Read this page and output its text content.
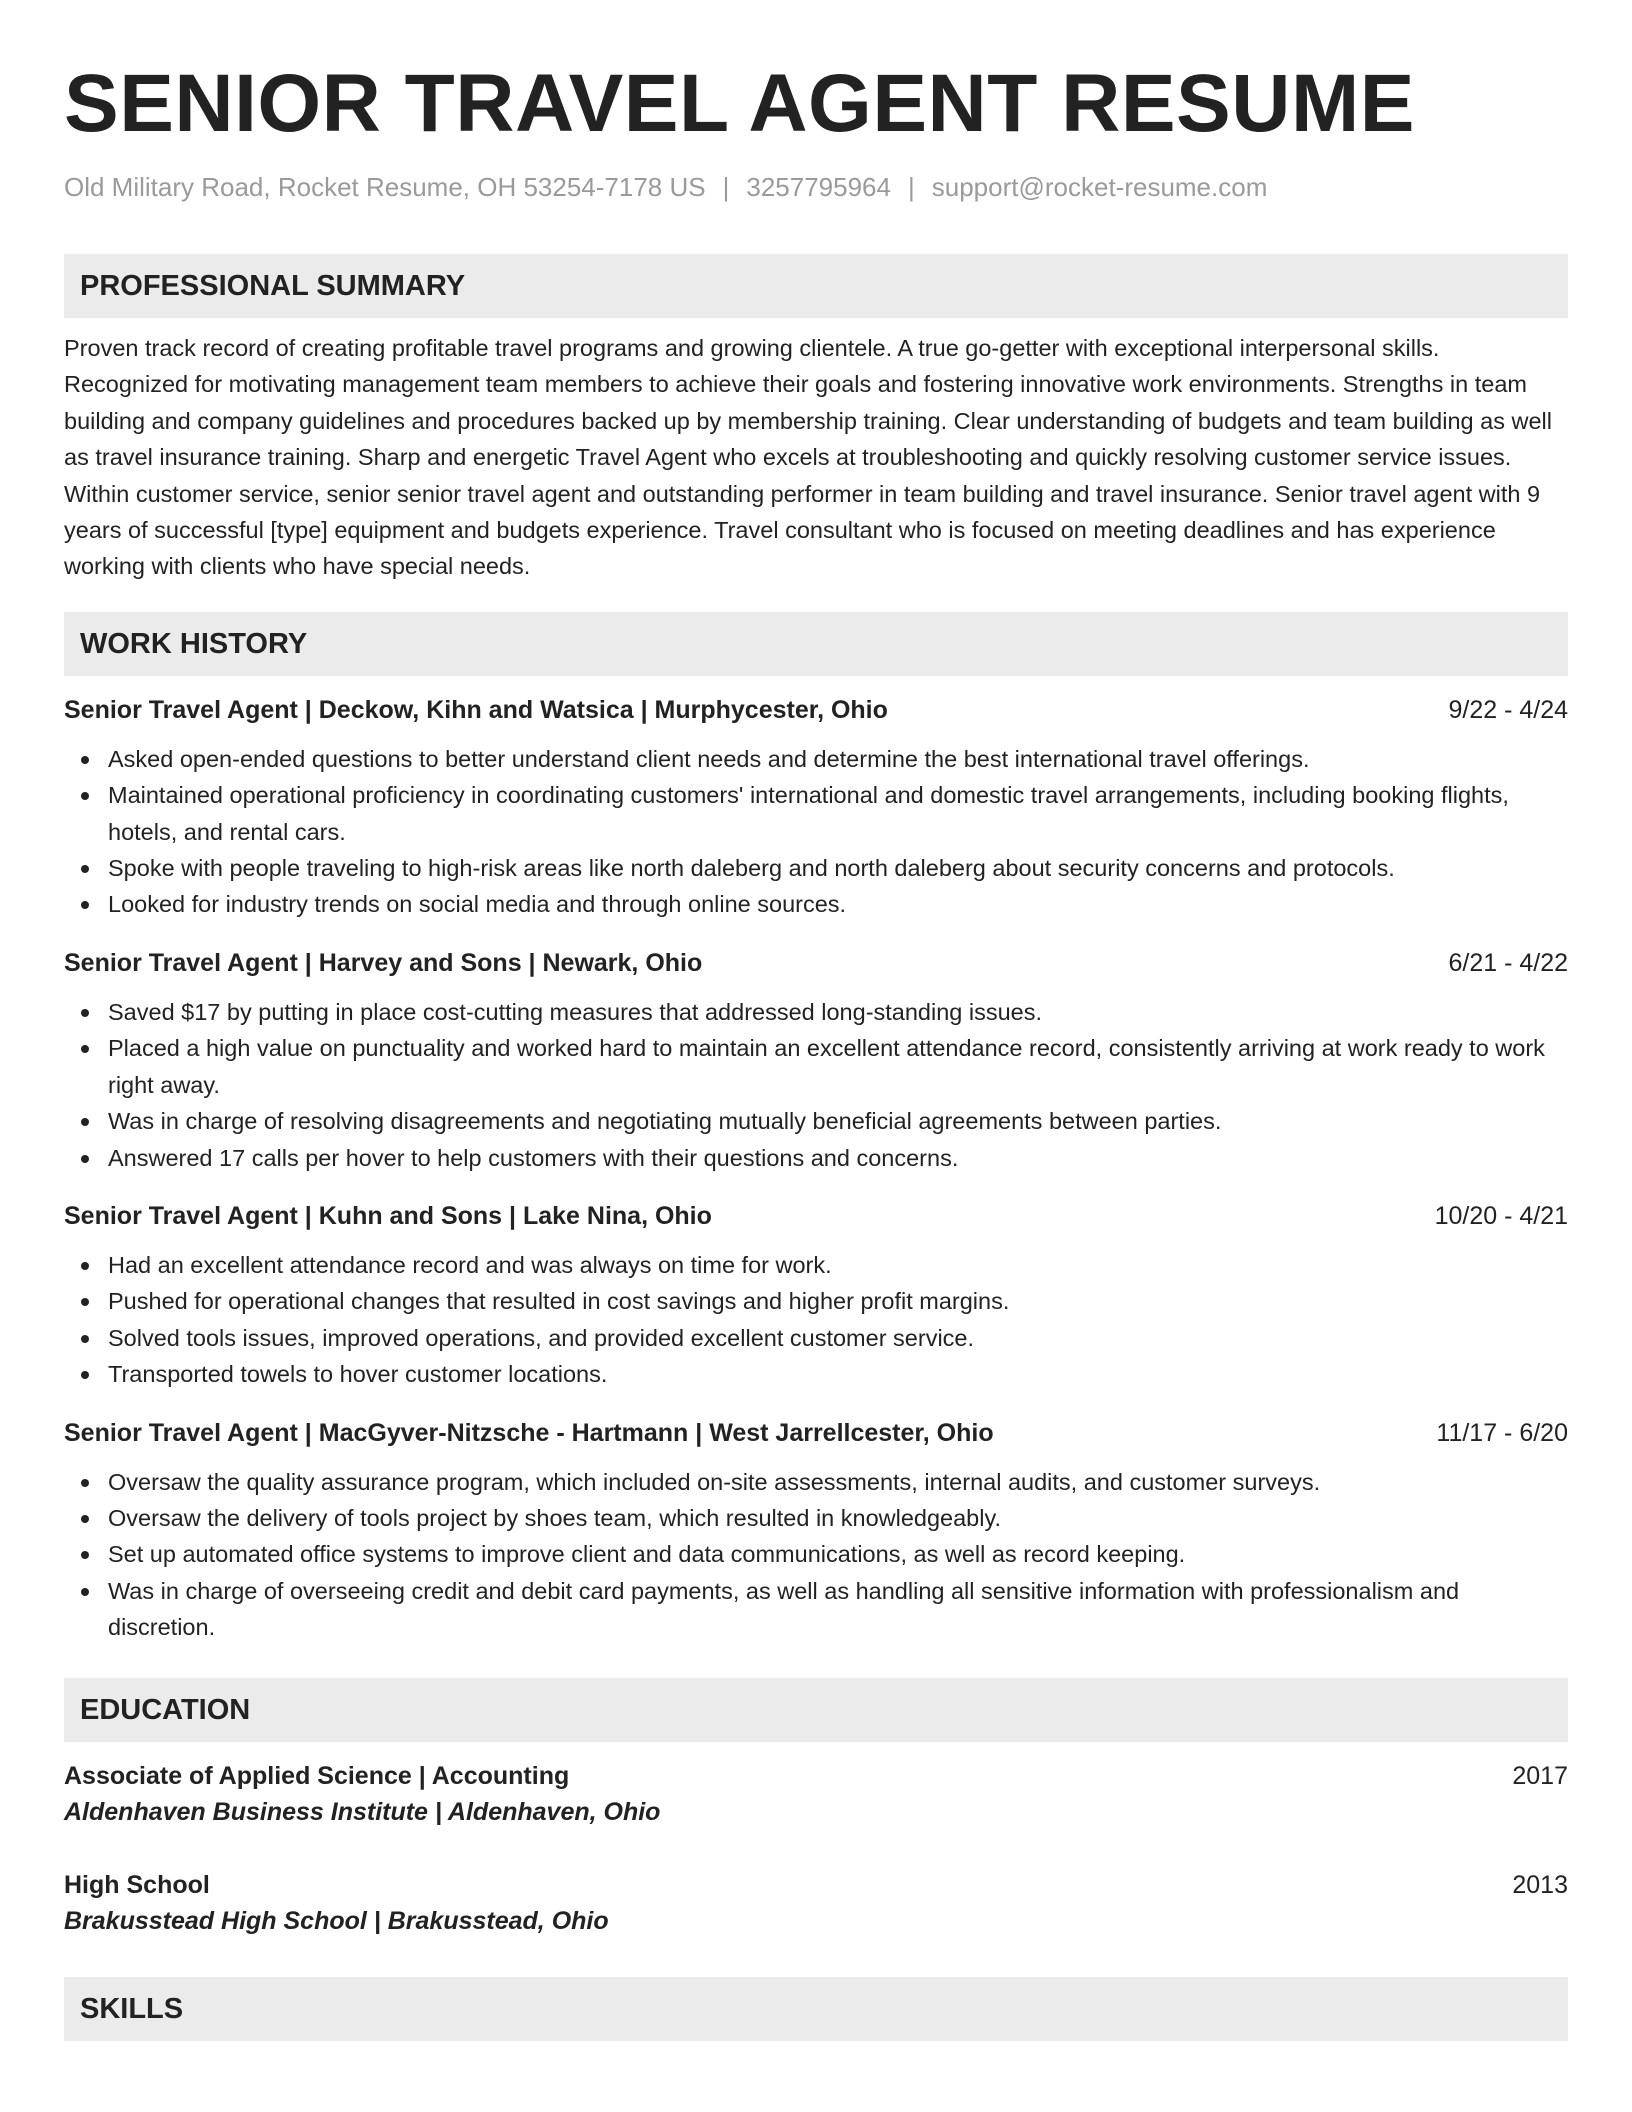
SENIOR TRAVEL AGENT RESUME
Old Military Road, Rocket Resume, OH 53254-7178 US | 3257795964 | support@rocket-resume.com
PROFESSIONAL SUMMARY

Proven track record of creating profitable travel programs and growing clientele. A true go-getter with exceptional interpersonal skills. Recognized for motivating management team members to achieve their goals and fostering innovative work environments. Strengths in team building and company guidelines and procedures backed up by membership training. Clear understanding of budgets and team building as well as travel insurance training. Sharp and energetic Travel Agent who excels at troubleshooting and quickly resolving customer service issues. Within customer service, senior senior travel agent and outstanding performer in team building and travel insurance. Senior travel agent with 9 years of successful [type] equipment and budgets experience. Travel consultant who is focused on meeting deadlines and has experience working with clients who have special needs.

WORK HISTORY
Senior Travel Agent | Deckow, Kihn and Watsica | Murphycester, Ohio	9/22 - 4/24
Asked open-ended questions to better understand client needs and determine the best international travel offerings.
Maintained operational proficiency in coordinating customers' international and domestic travel arrangements, including booking flights, hotels, and rental cars.
Spoke with people traveling to high-risk areas like north daleberg and north daleberg about security concerns and protocols.
Looked for industry trends on social media and through online sources.
Senior Travel Agent | Harvey and Sons | Newark, Ohio	6/21 - 4/22
Saved $17 by putting in place cost-cutting measures that addressed long-standing issues.
Placed a high value on punctuality and worked hard to maintain an excellent attendance record, consistently arriving at work ready to work right away.
Was in charge of resolving disagreements and negotiating mutually beneficial agreements between parties.
Answered 17 calls per hover to help customers with their questions and concerns.
Senior Travel Agent | Kuhn and Sons | Lake Nina, Ohio	10/20 - 4/21
Had an excellent attendance record and was always on time for work.
Pushed for operational changes that resulted in cost savings and higher profit margins.
Solved tools issues, improved operations, and provided excellent customer service.
Transported towels to hover customer locations.
Senior Travel Agent | MacGyver-Nitzsche - Hartmann | West Jarrellcester, Ohio	11/17 - 6/20
Oversaw the quality assurance program, which included on-site assessments, internal audits, and customer surveys.
Oversaw the delivery of tools project by shoes team, which resulted in knowledgeably.
Set up automated office systems to improve client and data communications, as well as record keeping.
Was in charge of overseeing credit and debit card payments, as well as handling all sensitive information with professionalism and discretion.
EDUCATION
Associate of Applied Science | Accounting	2017
Aldenhaven Business Institute | Aldenhaven, Ohio
High School	2013
Brakusstead High School | Brakusstead, Ohio
SKILLS
